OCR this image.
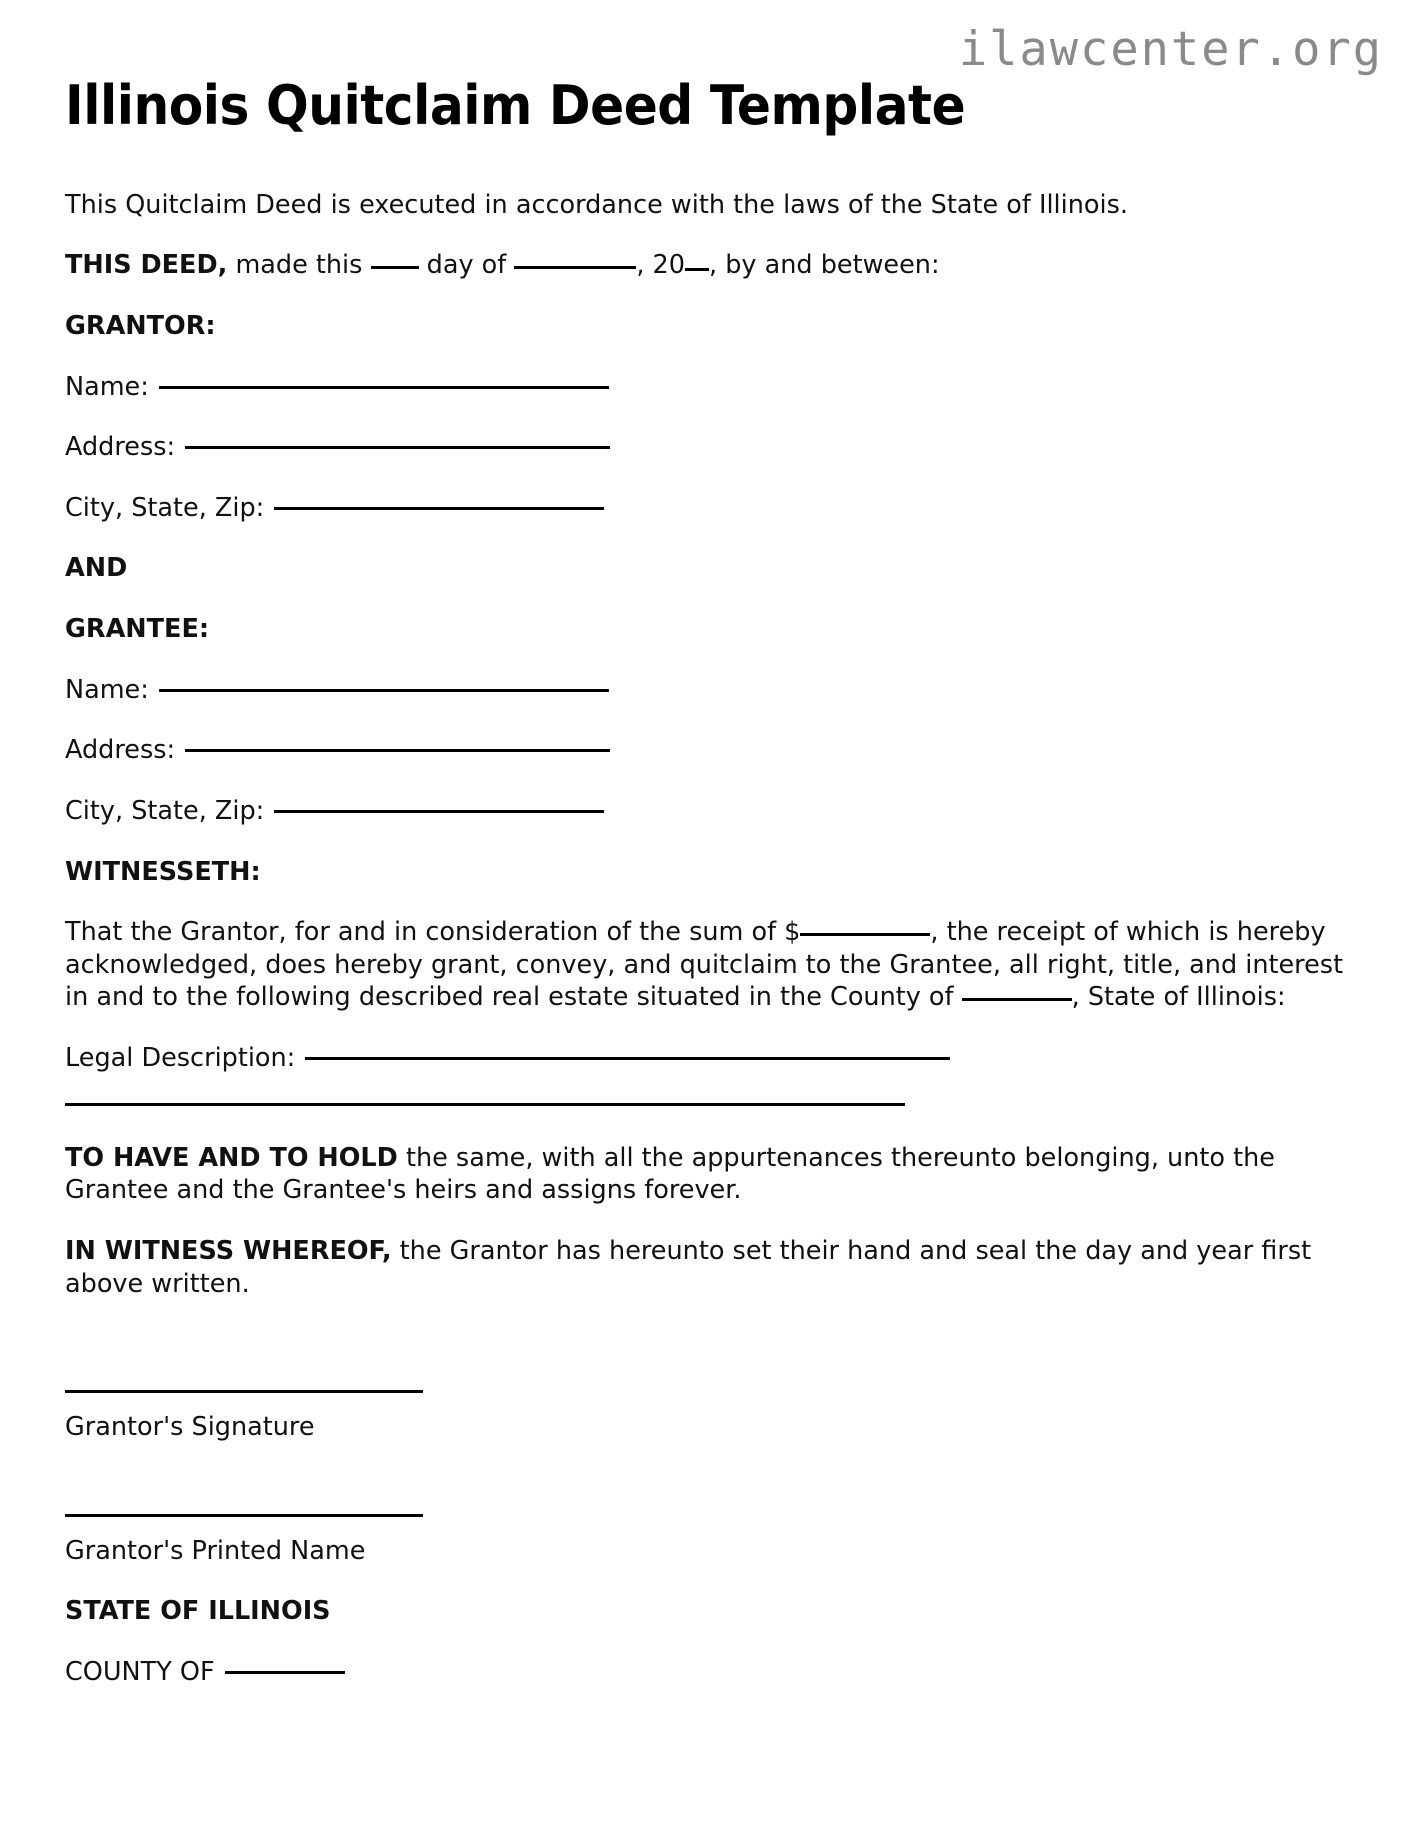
ilawcenter.org
Illinois Quitclaim Deed Template

This Quitclaim Deed is executed in accordance with the laws of the State of Illinois.

THIS DEED, made this	day of	, 20 , by and between:

GRANTOR:
Name:
Address:
City, State, Zip:
AND
GRANTEE:
Name:
Address:
City, State, Zip:
WITNESSETH:

That the Grantor, for and in consideration of the sum of $	, the receipt of which is hereby acknowledged, does hereby grant, convey, and quitclaim to the Grantee, all right, title, and interest in and to the following described real estate situated in the County of	, State of Illinois:

Legal Description:

TO HAVE AND TO HOLD the same, with all the appurtenances thereunto belonging, unto the Grantee and the Grantee's heirs and assigns forever.

IN WITNESS WHEREOF, the Grantor has hereunto set their hand and seal the day and year first above written.

Grantor's Signature
Grantor's Printed Name
STATE OF ILLINOIS
COUNTY OF
